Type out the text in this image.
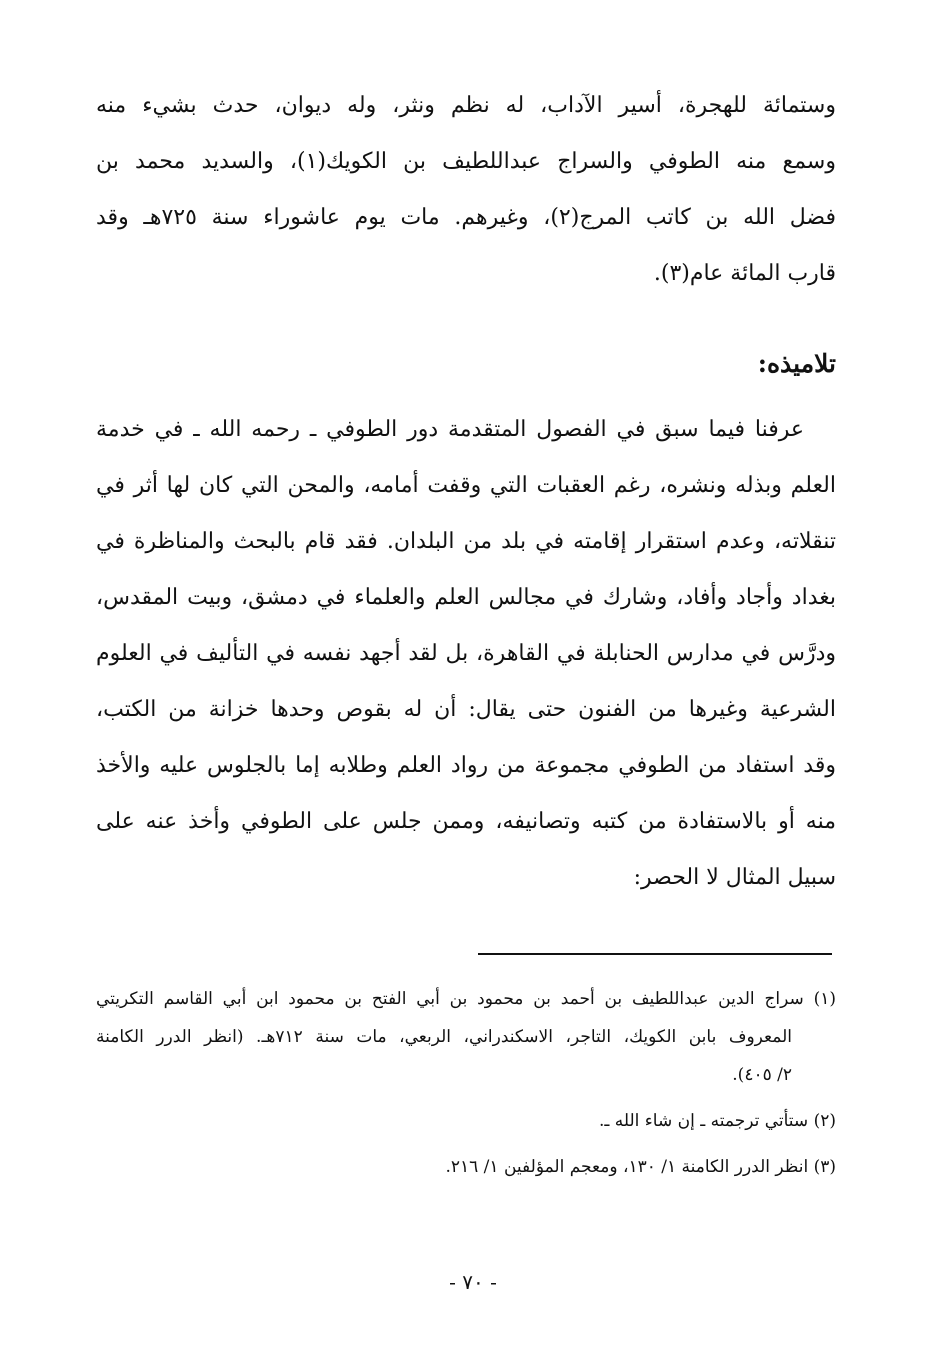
وستمائة للهجرة، أسير الآداب، له نظم ونثر، وله ديوان، حدث بشيء منه
وسمع منه الطوفي والسراج عبداللطيف بن الكويك(١)، والسديد محمد بن
فضل الله بن كاتب المرج(٢)، وغيرهم. مات يوم عاشوراء سنة ٧٢٥هـ وقد
قارب المائة عام(٣).
تلاميذه:
عرفنا فيما سبق في الفصول المتقدمة دور الطوفي ـ رحمه الله ـ في خدمة
العلم وبذله ونشره، رغم العقبات التي وقفت أمامه، والمحن التي كان لها أثر في
تنقلاته، وعدم استقرار إقامته في بلد من البلدان. فقد قام بالبحث والمناظرة في
بغداد وأجاد وأفاد، وشارك في مجالس العلم والعلماء في دمشق، وبيت المقدس،
ودرَّس في مدارس الحنابلة في القاهرة، بل لقد أجهد نفسه في التأليف في العلوم
الشرعية وغيرها من الفنون حتى يقال: أن له بقوص وحدها خزانة من الكتب،
وقد استفاد من الطوفي مجموعة من رواد العلم وطلابه إما بالجلوس عليه والأخذ
منه أو بالاستفادة من كتبه وتصانيفه، وممن جلس على الطوفي وأخذ عنه على
سبيل المثال لا الحصر:
(١) سراج الدين عبداللطيف بن أحمد بن محمود بن أبي الفتح بن محمود ابن أبي القاسم التكريتي
المعروف بابن الكويك، التاجر، الاسكندراني، الربعي، مات سنة ٧١٢هـ. (انظر الدرر الكامنة
٢/ ٤٠٥).
(٢) ستأتي ترجمته ـ إن شاء الله ـ.
(٣) انظر الدرر الكامنة ١/ ١٣٠، ومعجم المؤلفين ١/ ٢١٦.
- ٧٠ -
